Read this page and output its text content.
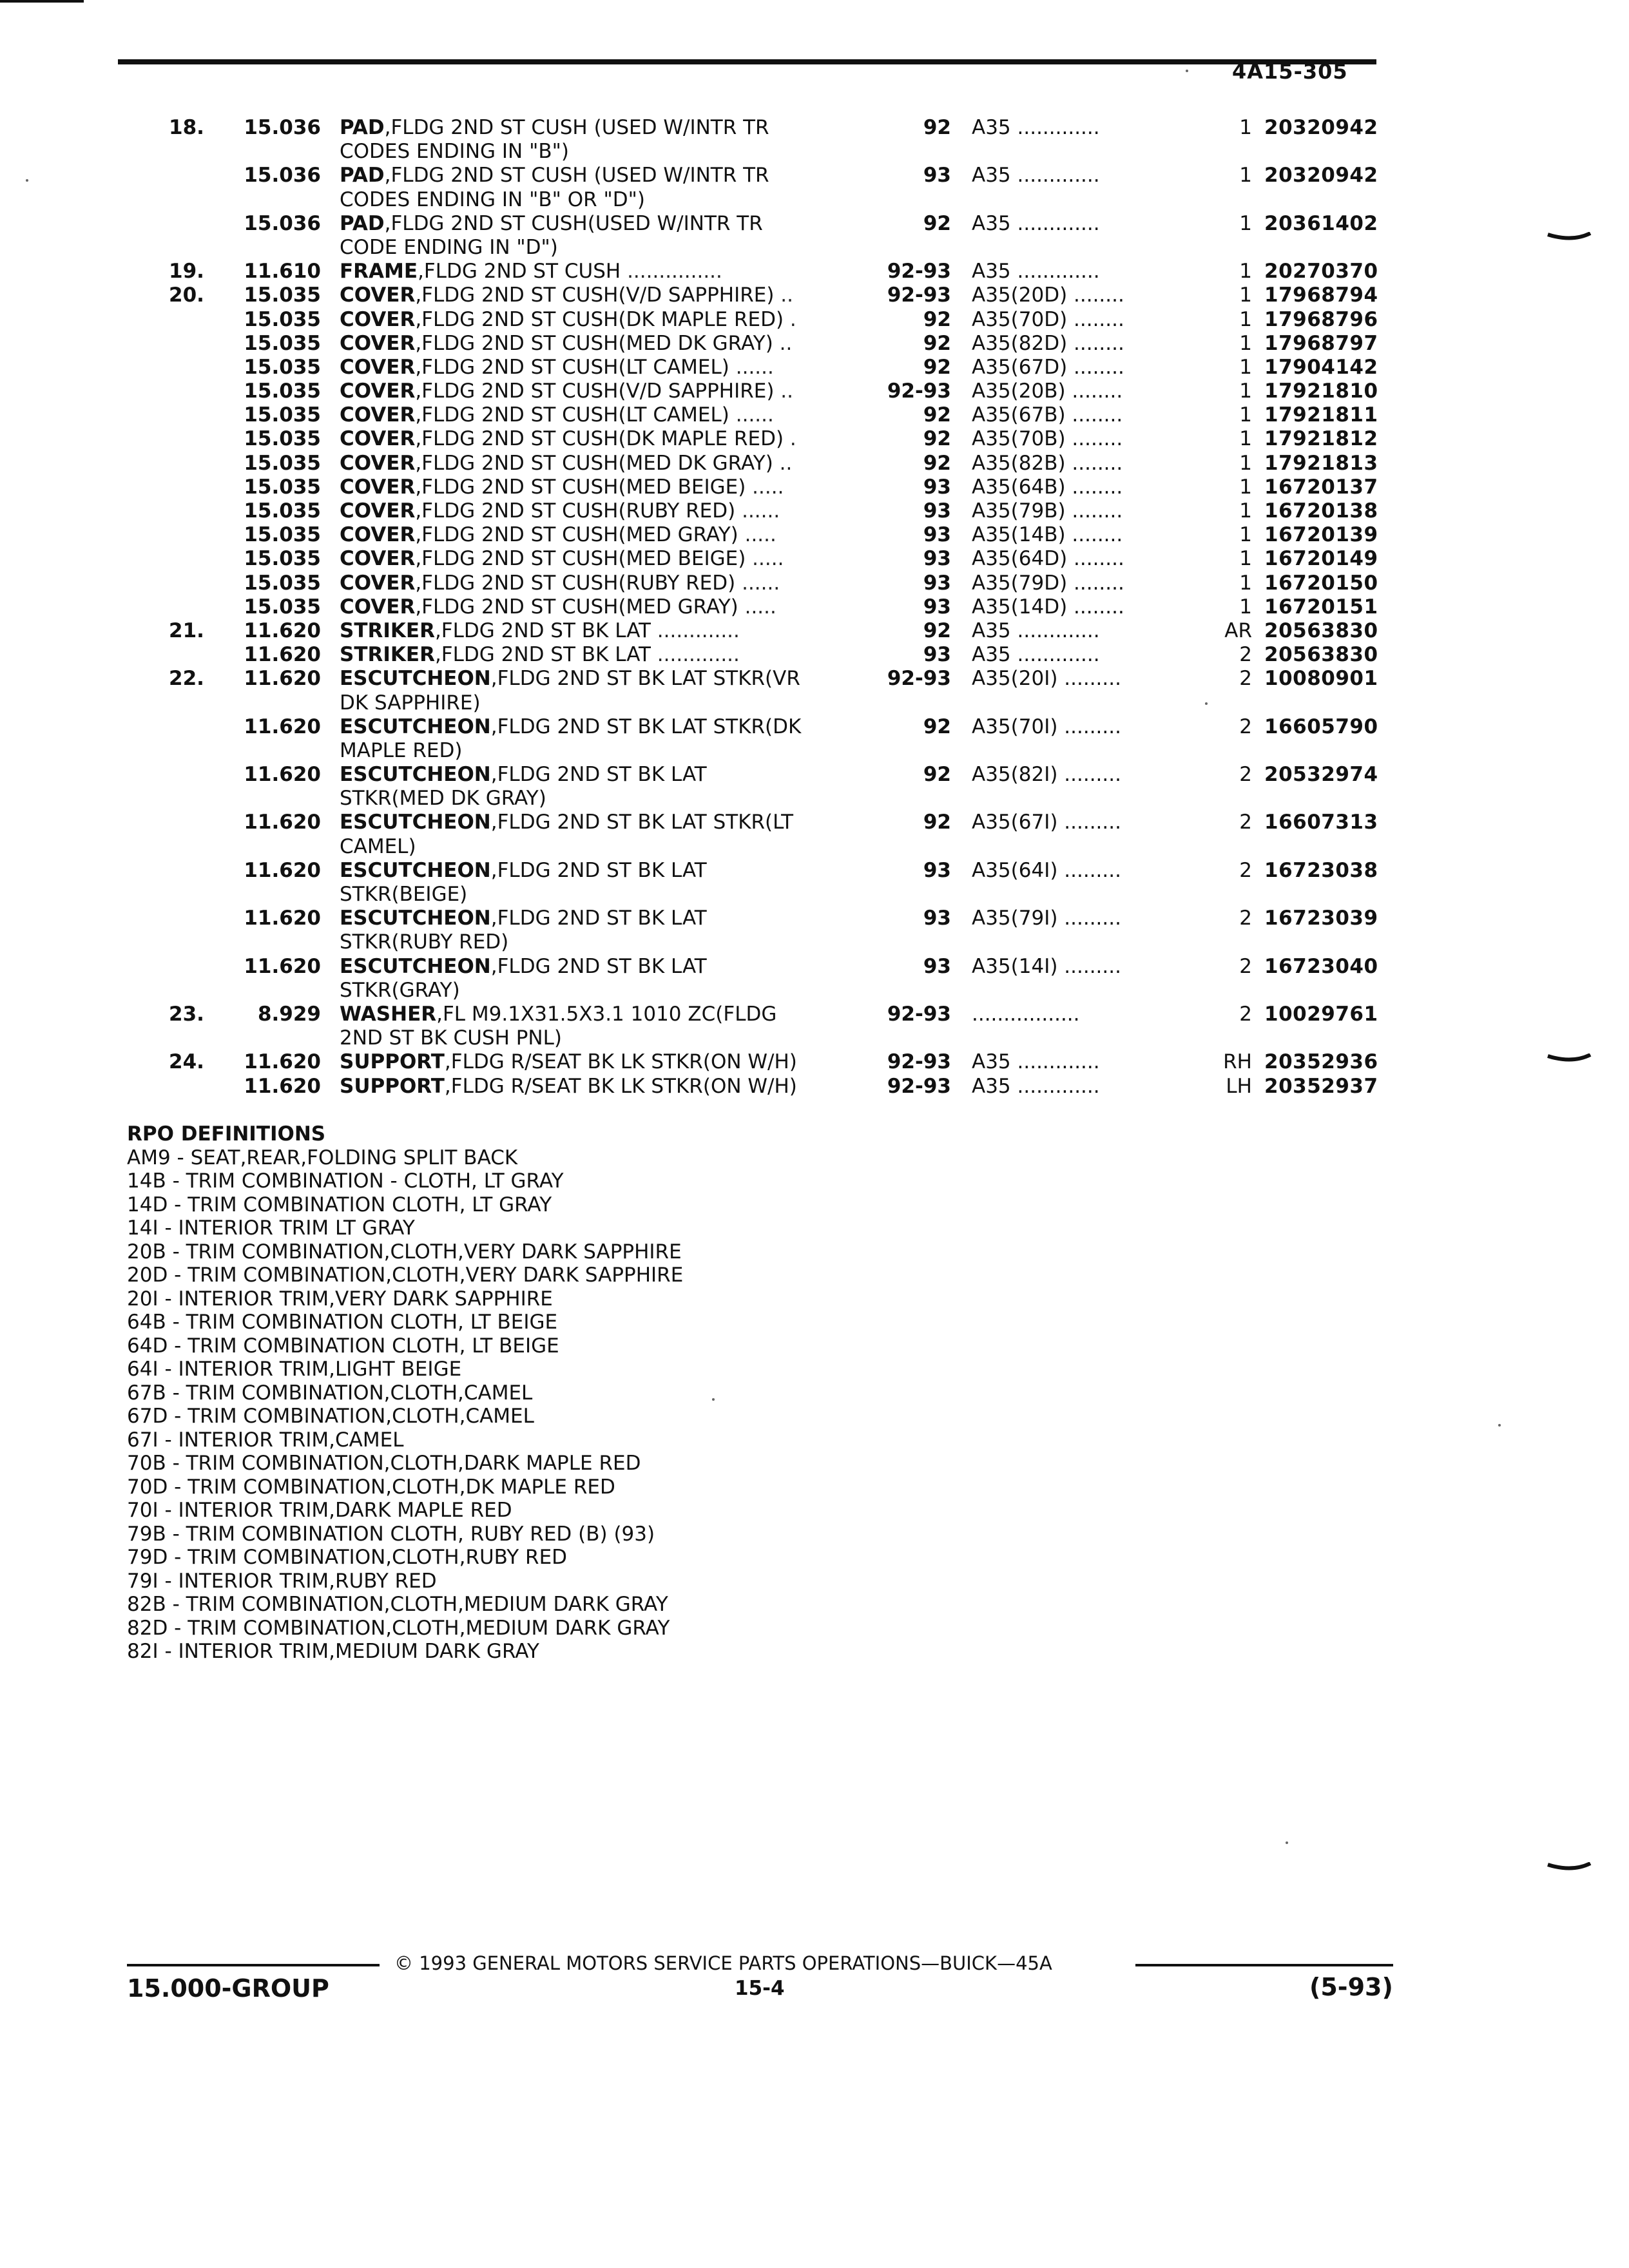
4A15-305
18.	15.036 PAD,FLDG 2ND ST CUSH (USED W/INTR TR	92 A35 .............	1 20320942
CODES ENDING IN "B")
15.036 PAD,FLDG 2ND ST CUSH (USED W/INTR TR	93 A35 .............	1 20320942
CODES ENDING IN "B" OR "D")
15.036 PAD,FLDG 2ND ST CUSH(USED W/INTR TR	92 A35 .............	1 20361402
CODE ENDING IN "D")
19.	11.610 FRAME,FLDG 2ND ST CUSH ...............	92-93 A35 .............	1 20270370
20.	15.035 COVER,FLDG 2ND ST CUSH(V/D SAPPHIRE) ..	92-93 A35(20D) ........	1 17968794
15.035 COVER,FLDG 2ND ST CUSH(DK MAPLE RED) .	92 A35(70D) ........	1 17968796
15.035 COVER,FLDG 2ND ST CUSH(MED DK GRAY) ..	92 A35(82D) ........	1 17968797
15.035 COVER,FLDG 2ND ST CUSH(LT CAMEL) ......	92 A35(67D) ........	1 17904142
15.035 COVER,FLDG 2ND ST CUSH(V/D SAPPHIRE) ..	92-93 A35(20B) ........	1 17921810
15.035 COVER,FLDG 2ND ST CUSH(LT CAMEL) ......	92 A35(67B) ........	1 17921811
15.035 COVER,FLDG 2ND ST CUSH(DK MAPLE RED) .	92 A35(70B) ........	1 17921812
15.035 COVER,FLDG 2ND ST CUSH(MED DK GRAY) ..	92 A35(82B) ........	1 17921813
15.035 COVER,FLDG 2ND ST CUSH(MED BEIGE) .....	93 A35(64B) ........	1 16720137
15.035 COVER,FLDG 2ND ST CUSH(RUBY RED) ......	93 A35(79B) ........	1 16720138
15.035 COVER,FLDG 2ND ST CUSH(MED GRAY) .....	93 A35(14B) ........	1 16720139
15.035 COVER,FLDG 2ND ST CUSH(MED BEIGE) .....	93 A35(64D) ........	1 16720149
15.035 COVER,FLDG 2ND ST CUSH(RUBY RED) ......	93 A35(79D) ........	1 16720150
15.035 COVER,FLDG 2ND ST CUSH(MED GRAY) .....	93 A35(14D) ........	1 16720151
21.	11.620 STRIKER,FLDG 2ND ST BK LAT .............	92 A35 .............	AR 20563830
11.620 STRIKER,FLDG 2ND ST BK LAT .............	93 A35 .............	2 20563830
22.	11.620 ESCUTCHEON,FLDG 2ND ST BK LAT STKR(VR	92-93 A35(20I) .........	2 10080901
DK SAPPHIRE)
11.620 ESCUTCHEON,FLDG 2ND ST BK LAT STKR(DK	92 A35(70I) .........	2 16605790
MAPLE RED)
11.620 ESCUTCHEON,FLDG 2ND ST BK LAT	92 A35(82I) .........	2 20532974
STKR(MED DK GRAY)
11.620 ESCUTCHEON,FLDG 2ND ST BK LAT STKR(LT	92 A35(67I) .........	2 16607313
CAMEL)
11.620 ESCUTCHEON,FLDG 2ND ST BK LAT	93 A35(64I) .........	2 16723038
STKR(BEIGE)
11.620 ESCUTCHEON,FLDG 2ND ST BK LAT	93 A35(79I) .........	2 16723039
STKR(RUBY RED)
11.620 ESCUTCHEON,FLDG 2ND ST BK LAT	93 A35(14I) .........	2 16723040
STKR(GRAY)
23.	8.929 WASHER,FL M9.1X31.5X3.1 1010 ZC(FLDG	92-93 .................	2 10029761
2ND ST BK CUSH PNL)
24.	11.620 SUPPORT,FLDG R/SEAT BK LK STKR(ON W/H)	92-93 A35 .............	RH 20352936
11.620 SUPPORT,FLDG R/SEAT BK LK STKR(ON W/H)	92-93 A35 .............	LH 20352937
RPO DEFINITIONS
AM9 - SEAT,REAR,FOLDING SPLIT BACK
14B - TRIM COMBINATION - CLOTH, LT GRAY
14D - TRIM COMBINATION CLOTH, LT GRAY
14I - INTERIOR TRIM LT GRAY
20B - TRIM COMBINATION,CLOTH,VERY DARK SAPPHIRE
20D - TRIM COMBINATION,CLOTH,VERY DARK SAPPHIRE
20I - INTERIOR TRIM,VERY DARK SAPPHIRE
64B - TRIM COMBINATION CLOTH, LT BEIGE
64D - TRIM COMBINATION CLOTH, LT BEIGE
64I - INTERIOR TRIM,LIGHT BEIGE
67B - TRIM COMBINATION,CLOTH,CAMEL
67D - TRIM COMBINATION,CLOTH,CAMEL
67I - INTERIOR TRIM,CAMEL
70B - TRIM COMBINATION,CLOTH,DARK MAPLE RED
70D - TRIM COMBINATION,CLOTH,DK MAPLE RED
70I - INTERIOR TRIM,DARK MAPLE RED
79B - TRIM COMBINATION CLOTH, RUBY RED (B) (93)
79D - TRIM COMBINATION,CLOTH,RUBY RED
79I - INTERIOR TRIM,RUBY RED
82B - TRIM COMBINATION,CLOTH,MEDIUM DARK GRAY
82D - TRIM COMBINATION,CLOTH,MEDIUM DARK GRAY
82I - INTERIOR TRIM,MEDIUM DARK GRAY
© 1993 GENERAL MOTORS SERVICE PARTS OPERATIONS—BUICK—45A
15.000-GROUP	15-4	(5-93)
